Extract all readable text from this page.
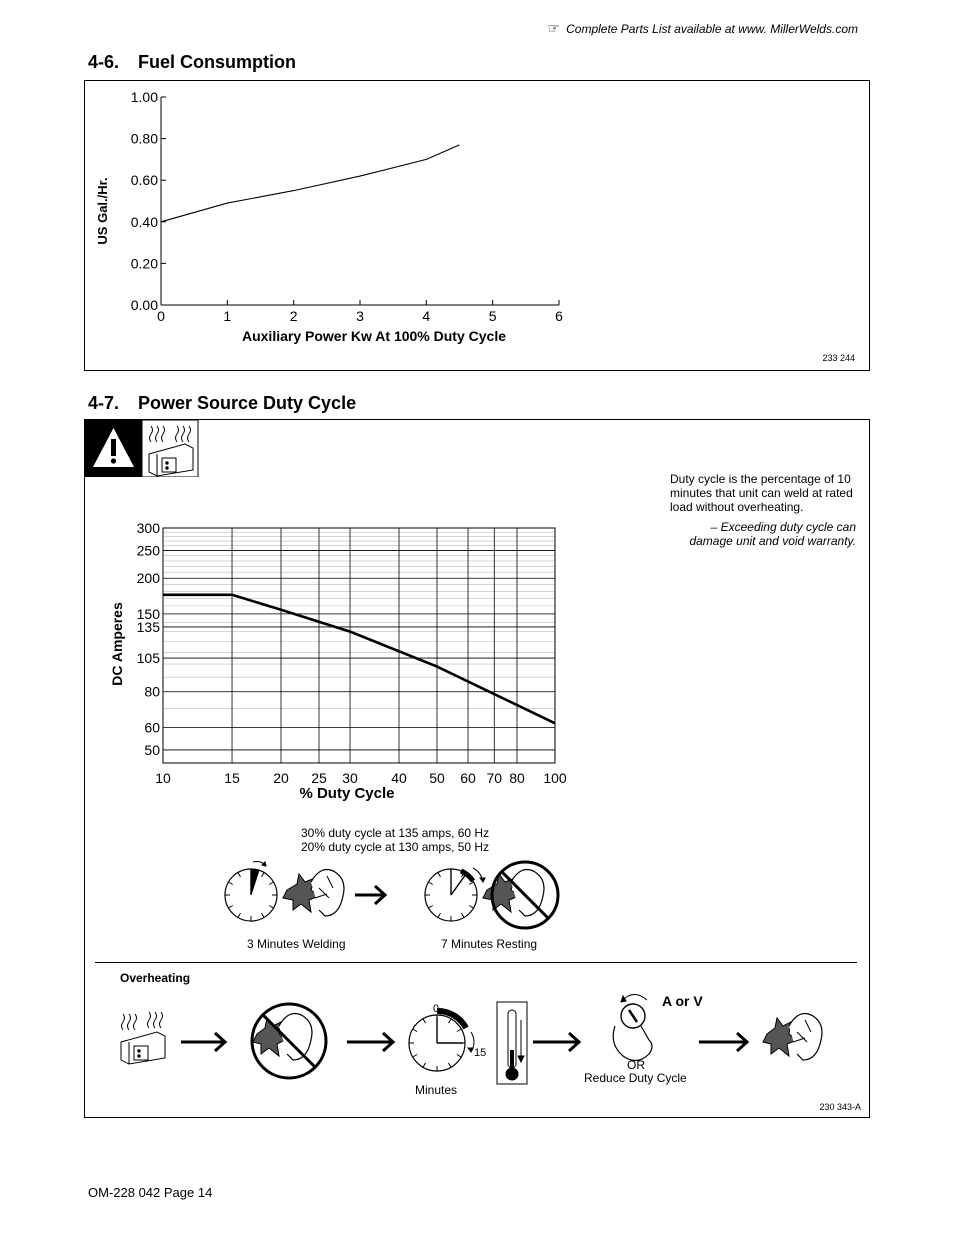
☞ Complete Parts List available at www. MillerWelds.com
4-6. Fuel Consumption
0	1	2	3	4	5	6
0.00
0.20
0.40
0.60
0.80
1.00
Auxiliary Power Kw At 100% Duty Cycle
US Gal./Hr.
233 244
4-7. Power Source Duty Cycle
10	15 20 25 30 40 50 60 70 80 100
300
250
200
150
135
105
80
60
50
% Duty Cycle
DC Amperes
30% duty cycle at 135 amps, 60 Hz
20% duty cycle at 130 amps, 50 Hz
3 Minutes Welding	7 Minutes Resting
Overheating
0
15
Minutes
A or V
OR
Reduce Duty Cycle
230 343-A

Duty cycle is the percentage of 10 minutes that unit can weld at rated load without overheating.

– Exceeding duty cycle can damage unit and void warranty.

OM-228 042 Page 14
